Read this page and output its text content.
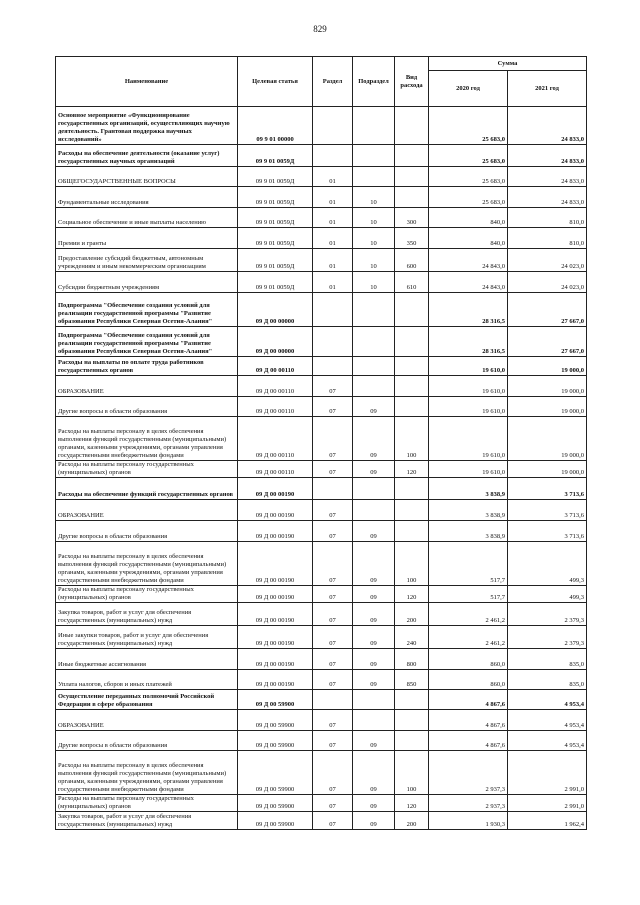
829
Наименование	Целевая статья	Раздел	Подраздел	Вид расхода	Сумма	
					2020 год	2021 год
Основное мероприятие «Функционирование государственных организаций, осуществляющих научную деятельность. Грантовая поддержка научных исследований»	09 9 01 00000				25 683,0	24 833,0
Расходы на обеспечение деятельности (оказание услуг) государственных научных организаций	09 9 01 0059Д				25 683,0	24 833,0
ОБЩЕГОСУДАРСТВЕННЫЕ ВОПРОСЫ	09 9 01 0059Д	01			25 683,0	24 833,0
Фундаментальные исследования	09 9 01 0059Д	01	10		25 683,0	24 833,0
Социальное обеспечение и иные выплаты населению	09 9 01 0059Д	01	10	300	840,0	810,0
Премии и гранты	09 9 01 0059Д	01	10	350	840,0	810,0
Предоставление субсидий бюджетным, автономным учреждениям и иным некоммерческим организациям	09 9 01 0059Д	01	10	600	24 843,0	24 023,0
Субсидии бюджетным учреждениям	09 9 01 0059Д	01	10	610	24 843,0	24 023,0
Подпрограмма "Обеспечение создания условий для реализации государственной программы "Развитие образования Республики Северная Осетия-Алания"	09 Д 00 00000				28 316,5	27 667,0
Подпрограмма "Обеспечение создания условий для реализации государственной программы "Развитие образования Республики Северная Осетия-Алания"	09 Д 00 00000				28 316,5	27 667,0
Расходы на выплаты по оплате труда работников государственных органов	09 Д 00 00110				19 610,0	19 000,0
ОБРАЗОВАНИЕ	09 Д 00 00110	07			19 610,0	19 000,0
Другие вопросы в области образования	09 Д 00 00110	07	09		19 610,0	19 000,0
Расходы на выплаты персоналу в целях обеспечения выполнения функций государственными (муниципальными) органами, казенными учреждениями, органами управления государственными внебюджетными фондами	09 Д 00 00110	07	09	100	19 610,0	19 000,0
Расходы на выплаты персоналу государственных (муниципальных) органов	09 Д 00 00110	07	09	120	19 610,0	19 000,0
Расходы на обеспечение функций государственных органов	09 Д 00 00190				3 838,9	3 713,6
ОБРАЗОВАНИЕ	09 Д 00 00190	07			3 838,9	3 713,6
Другие вопросы в области образования	09 Д 00 00190	07	09		3 838,9	3 713,6
Расходы на выплаты персоналу в целях обеспечения выполнения функций государственными (муниципальными) органами, казенными учреждениями, органами управления государственными внебюджетными фондами	09 Д 00 00190	07	09	100	517,7	499,3
Расходы на выплаты персоналу государственных (муниципальных) органов	09 Д 00 00190	07	09	120	517,7	499,3
Закупка товаров, работ и услуг для обеспечения государственных (муниципальных) нужд	09 Д 00 00190	07	09	200	2 461,2	2 379,3
Иные закупки товаров, работ и услуг для обеспечения государственных (муниципальных) нужд	09 Д 00 00190	07	09	240	2 461,2	2 379,3
Иные бюджетные ассигнования	09 Д 00 00190	07	09	800	860,0	835,0
Уплата налогов, сборов и иных платежей	09 Д 00 00190	07	09	850	860,0	835,0
Осуществление переданных полномочий Российской Федерации в сфере образования	09 Д 00 59900				4 867,6	4 953,4
ОБРАЗОВАНИЕ	09 Д 00 59900	07			4 867,6	4 953,4
Другие вопросы в области образования	09 Д 00 59900	07	09		4 867,6	4 953,4
Расходы на выплаты персоналу в целях обеспечения выполнения функций государственными (муниципальными) органами, казенными учреждениями, органами управления государственными внебюджетными фондами	09 Д 00 59900	07	09	100	2 937,3	2 991,0
Расходы на выплаты персоналу государственных (муниципальных) органов	09 Д 00 59900	07	09	120	2 937,3	2 991,0
Закупка товаров, работ и услуг для обеспечения государственных (муниципальных) нужд	09 Д 00 59900	07	09	200	1 930,3	1 962,4
